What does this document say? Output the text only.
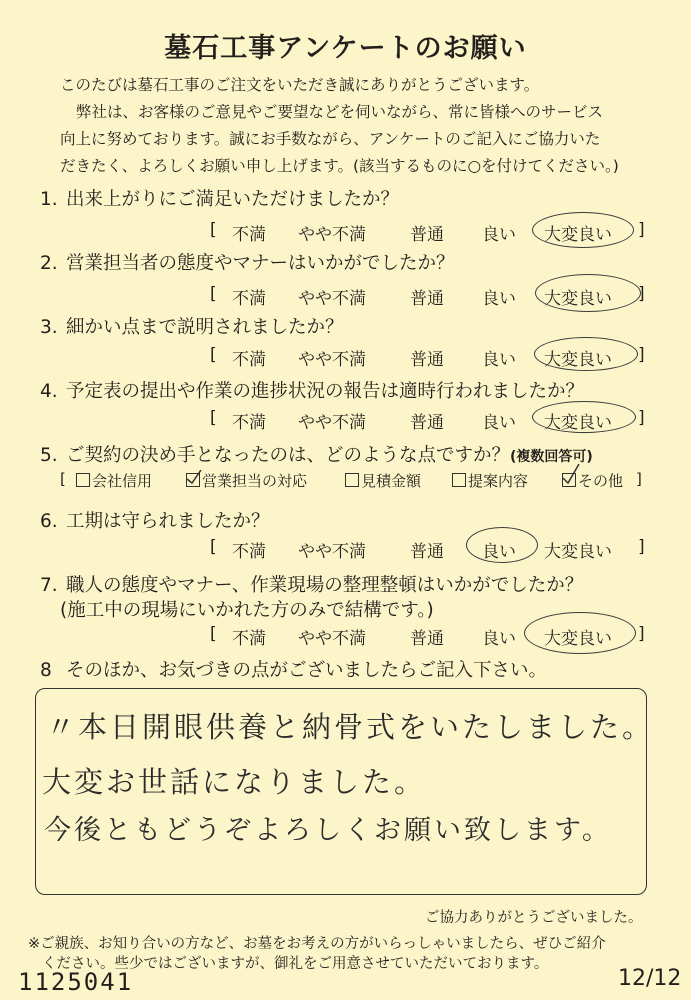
墓石工事アンケートのお願い
このたびは墓石工事のご注文をいただき誠にありがとうございます。
弊社は、お客様のご意見やご要望などを伺いながら、常に皆様へのサービス
向上に努めております。誠にお手数ながら、アンケートのご記入にご協力いた
だきたく、よろしくお願い申し上げます。(該当するものに○を付けてください。)
1. 出来上がりにご満足いただけましたか？
[ 不満 やや不満	普通 良い 大変良い ]
2. 営業担当者の態度やマナーはいかがでしたか？
[ 不満 やや不満	普通 良い 大変良い ]
3. 細かい点まで説明されましたか？
[ 不満 やや不満	普通 良い 大変良い ]
4. 予定表の提出や作業の進捗状況の報告は適時行われましたか？
[ 不満 やや不満	普通 良い 大変良い ]
5. ご契約の決め手となったのは、どのような点ですか？(複数回答可)
[	会社信用	営業担当の対応	見積金額	提案内容	その他 ]
6. 工期は守られましたか？
[ 不満 やや不満	普通 良い 大変良い ]
7. 職人の態度やマナー、作業現場の整理整頓はいかがでしたか？
(施工中の現場にいかれた方のみで結構です。)
[ 不満 やや不満	普通 良い 大変良い ]
8 そのほか、お気づきの点がございましたらご記入下さい。
〃本日開眼供養と納骨式をいたしました。
大変お世話になりました。
今後ともどうぞよろしくお願い致します。
ご協力ありがとうございました。
※ご親族、お知り合いの方など、お墓をお考えの方がいらっしゃいましたら、ぜひご紹介
ください。些少ではございますが、御礼をご用意させていただいております。
1125041	12/12
